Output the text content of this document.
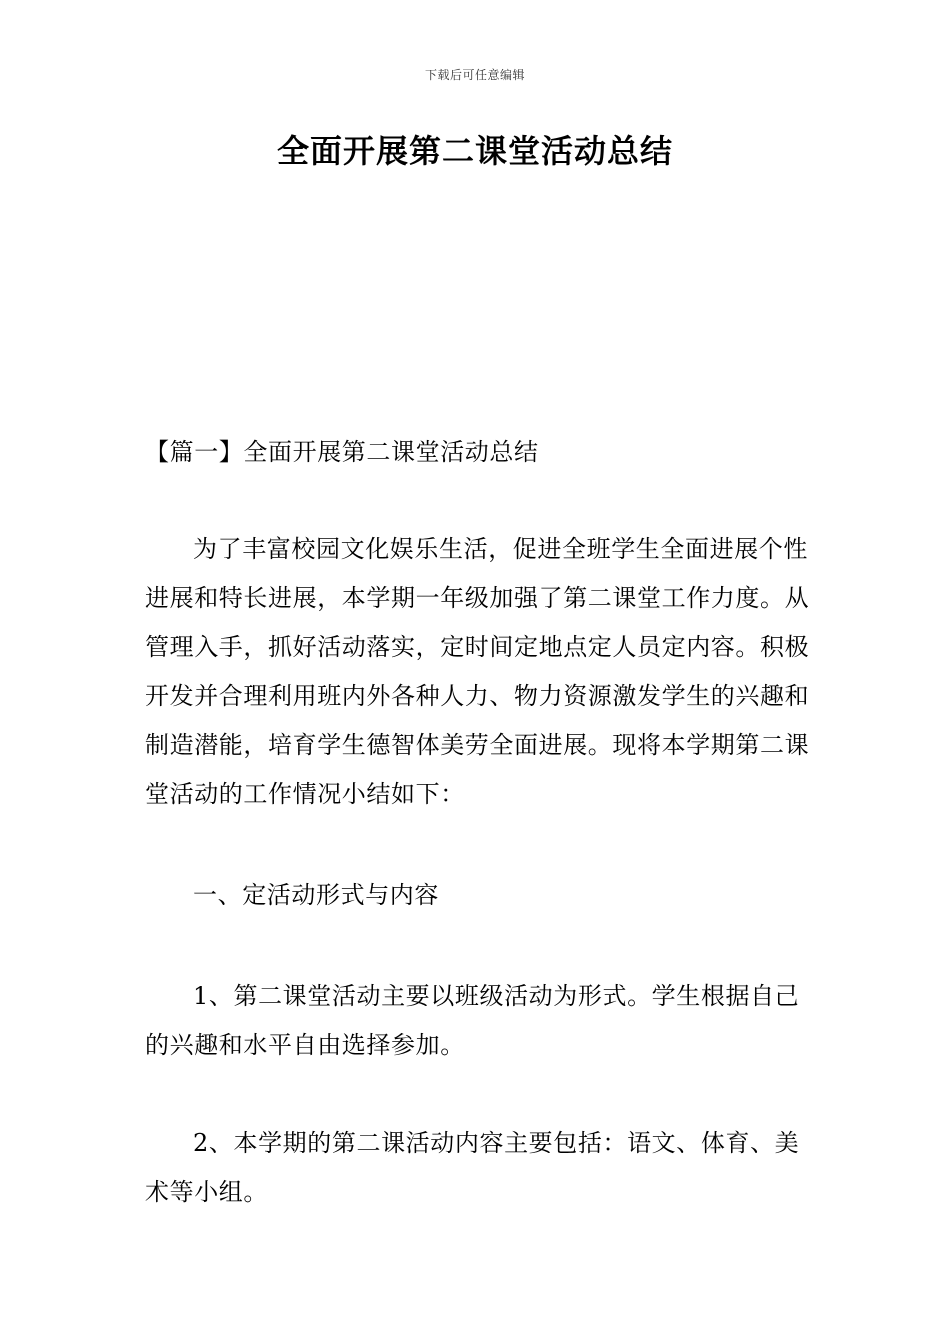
下载后可任意编辑
全面开展第二课堂活动总结

【篇一】全面开展第二课堂活动总结

为了丰富校园文化娱乐生活，促进全班学生全面进展个性进展和特长进展，本学期一年级加强了第二课堂工作力度。从管理入手，抓好活动落实，定时间定地点定人员定内容。积极开发并合理利用班内外各种人力、物力资源激发学生的兴趣和制造潜能，培育学生德智体美劳全面进展。现将本学期第二课堂活动的工作情况小结如下：

一、定活动形式与内容

1、第二课堂活动主要以班级活动为形式。学生根据自己的兴趣和水平自由选择参加。

2、本学期的第二课活动内容主要包括：语文、体育、美术等小组。
